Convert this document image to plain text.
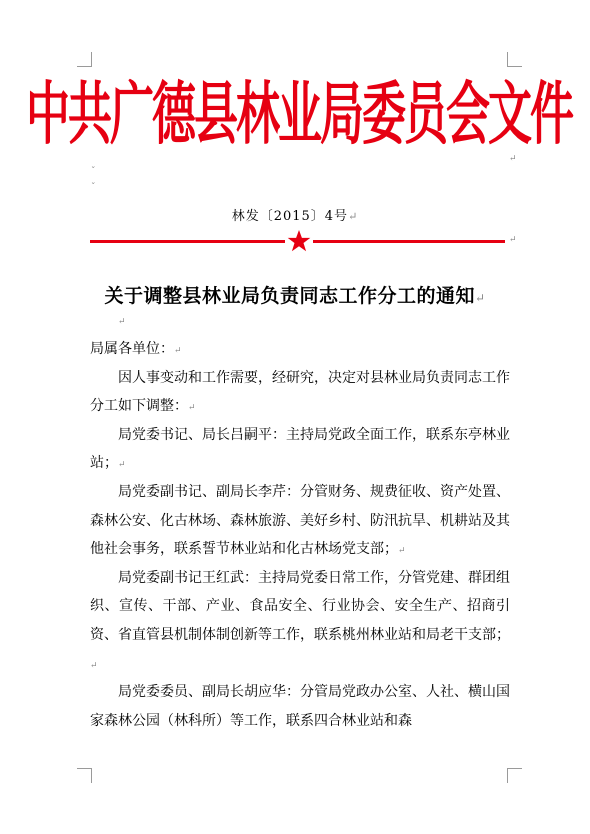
ˇ
ˇ
↵
↵
中共广德县林业局委员会文件
林发〔2015〕4号↵
关于调整县林业局负责同志工作分工的通知↵
↵

局属各单位：↵

因人事变动和工作需要，经研究，决定对县林业局负责同志工作分工如下调整：↵

局党委书记、局长吕嗣平：主持局党政全面工作，联系东亭林业站；↵

局党委副书记、副局长李芹：分管财务、规费征收、资产处置、森林公安、化古林场、森林旅游、美好乡村、防汛抗旱、机耕站及其他社会事务，联系誓节林业站和化古林场党支部；↵

局党委副书记王红武：主持局党委日常工作，分管党建、群团组织、宣传、干部、产业、食品安全、行业协会、安全生产、招商引资、省直管县机制体制创新等工作，联系桃州林业站和局老干支部；↵

局党委委员、副局长胡应华：分管局党政办公室、人社、横山国家森林公园（林科所）等工作，联系四合林业站和森
